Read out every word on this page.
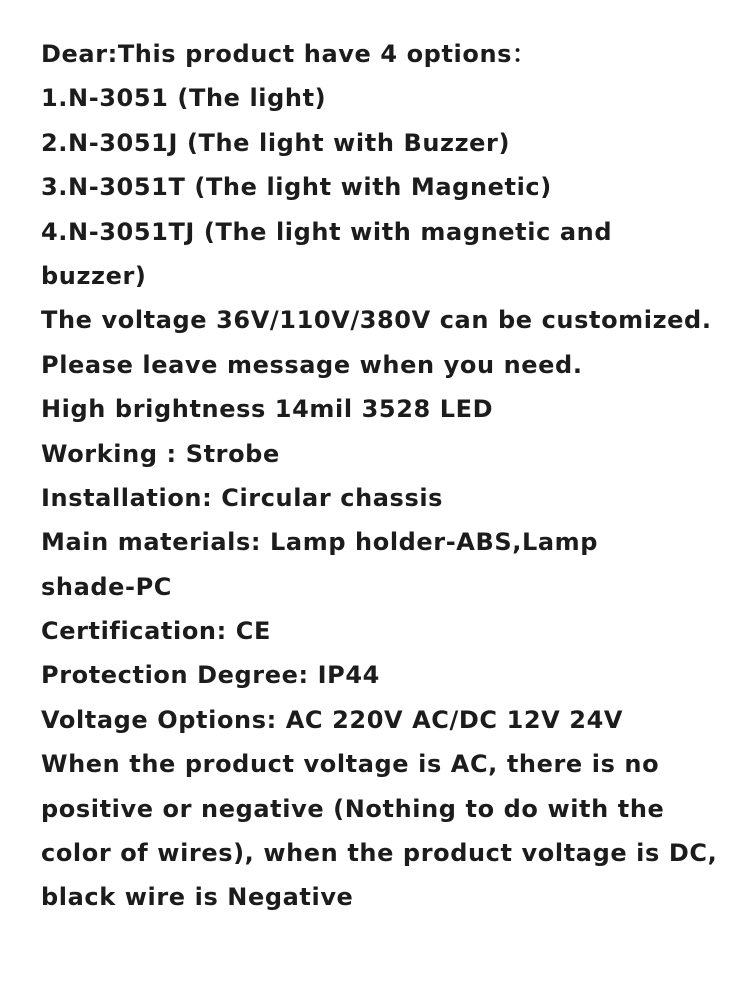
Dear:This product have 4 options：
1.N-3051 (The light)
2.N-3051J (The light with Buzzer)
3.N-3051T (The light with Magnetic)
4.N-3051TJ (The light with magnetic and
buzzer)
The voltage 36V/110V/380V can be customized.
Please leave message when you need.
High brightness 14mil 3528 LED
Working : Strobe
Installation: Circular chassis
Main materials: Lamp holder-ABS,Lamp
shade-PC
Certification: CE
Protection Degree: IP44
Voltage Options: AC 220V AC/DC 12V 24V
When the product voltage is AC, there is no
positive or negative (Nothing to do with the
color of wires), when the product voltage is DC,
black wire is Negative
